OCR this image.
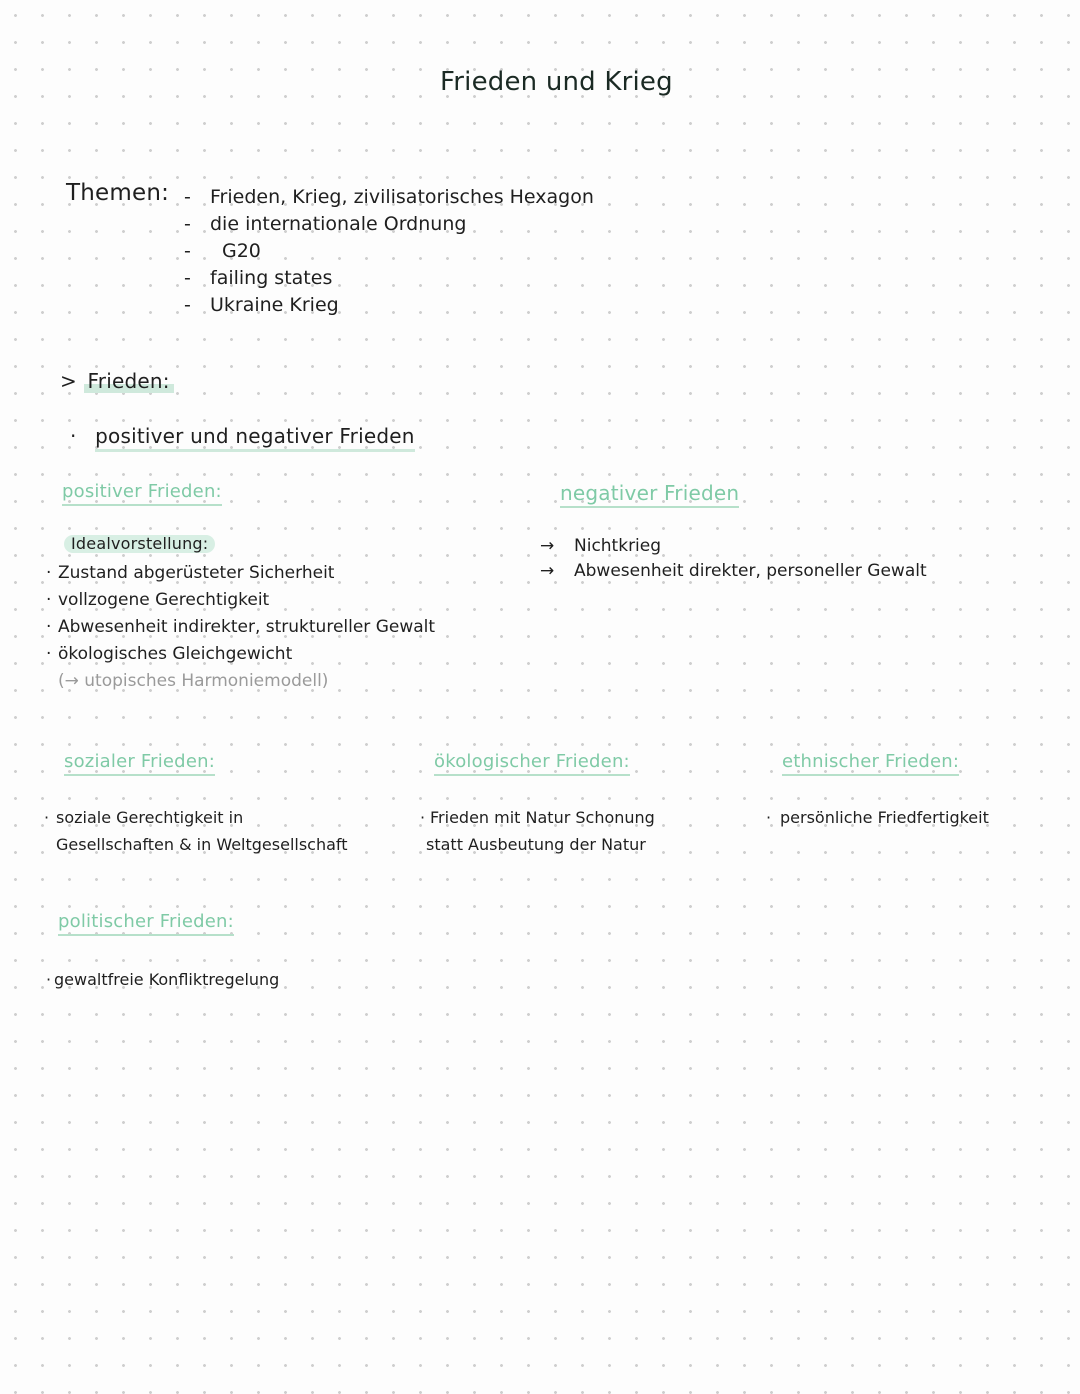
Frieden und Krieg
Themen: - Frieden, Krieg, zivilisatorisches Hexagon
- die internationale Ordnung
- G20
- failing states
- Ukraine Krieg
> Frieden:
· positiver und negativer Frieden
positiver Frieden:
Idealvorstellung:
· Zustand abgerüsteter Sicherheit
· vollzogene Gerechtigkeit
· Abwesenheit indirekter, struktureller Gewalt
· ökologisches Gleichgewicht
(→ utopisches Harmoniemodell)
negativer Frieden
→ Nichtkrieg
→ Abwesenheit direkter, personeller Gewalt
sozialer Frieden:
· soziale Gerechtigkeit in
Gesellschaften & in Weltgesellschaft
ökologischer Frieden:
· Frieden mit Natur Schonung
statt Ausbeutung der Natur
ethnischer Frieden:
· persönliche Friedfertigkeit
politischer Frieden:
· gewaltfreie Konfliktregelung
